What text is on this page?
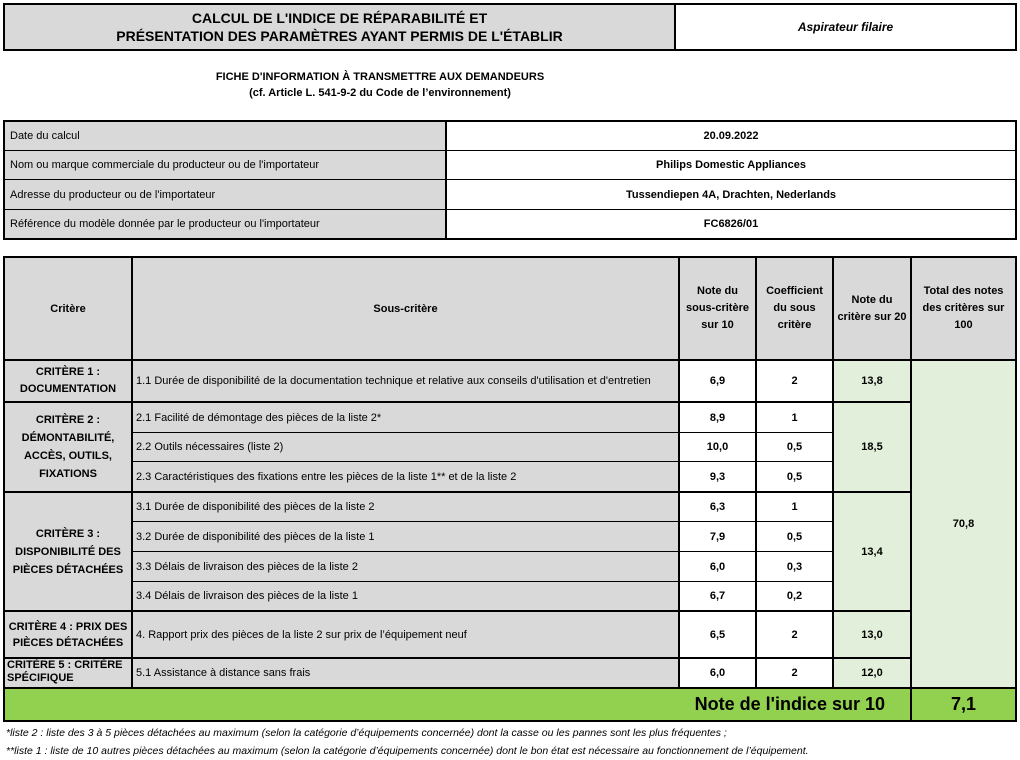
CALCUL DE L'INDICE DE RÉPARABILITÉ ET
PRÉSENTATION DES PARAMÈTRES AYANT PERMIS DE L'ÉTABLIR
Aspirateur filaire
FICHE D'INFORMATION À TRANSMETTRE AUX DEMANDEURS
(cf. Article L. 541-9-2 du Code de l’environnement)
Date du calcul
Nom ou marque commerciale du producteur ou de l'importateur
Adresse du producteur ou de l'importateur
Référence du modèle donnée par le producteur ou l'importateur
20.09.2022
Philips Domestic Appliances
Tussendiepen 4A, Drachten, Nederlands
FC6826/01
Critère	Sous-critère
Note du sous-critère sur 10
Coefficient du sous critère
Note du critère sur 20
Total des notes des critères sur 100
CRITÈRE 1 : DOCUMENTATION
CRITÈRE 2 : DÉMONTABILITÉ, ACCÈS, OUTILS, FIXATIONS
CRITÈRE 3 : DISPONIBILITÉ DES PIÈCES DÉTACHÉES
CRITÈRE 4 : PRIX DES PIÈCES DÉTACHÉES
CRITÈRE 5 : CRITÈRE SPÉCIFIQUE
1.1 Durée de disponibilité de la documentation technique et relative aux conseils d'utilisation et d'entretien
2.1 Facilité de démontage des pièces de la liste 2*
2.2 Outils nécessaires (liste 2)
2.3 Caractéristiques des fixations entre les pièces de la liste 1** et de la liste 2
3.1 Durée de disponibilité des pièces de la liste 2
3.2 Durée de disponibilité des pièces de la liste 1
3.3 Délais de livraison des pièces de la liste 2
3.4 Délais de livraison des pièces de la liste 1
4. Rapport prix des pièces de la liste 2 sur prix de l’équipement neuf
5.1 Assistance à distance sans frais
6,9
8,9
10,0
9,3
6,3
7,9
6,0
6,7
6,5
6,0
2
1
0,5
0,5
1
0,5
0,3
0,2
2
2
13,8
18,5
13,4
13,0
12,0
70,8
Note de l'indice sur 10	7,1
*liste 2 : liste des 3 à 5 pièces détachées au maximum (selon la catégorie d’équipements concernée) dont la casse ou les pannes sont les plus fréquentes ;
**liste 1 : liste de 10 autres pièces détachées au maximum (selon la catégorie d’équipements concernée) dont le bon état est nécessaire au fonctionnement de l’équipement.
